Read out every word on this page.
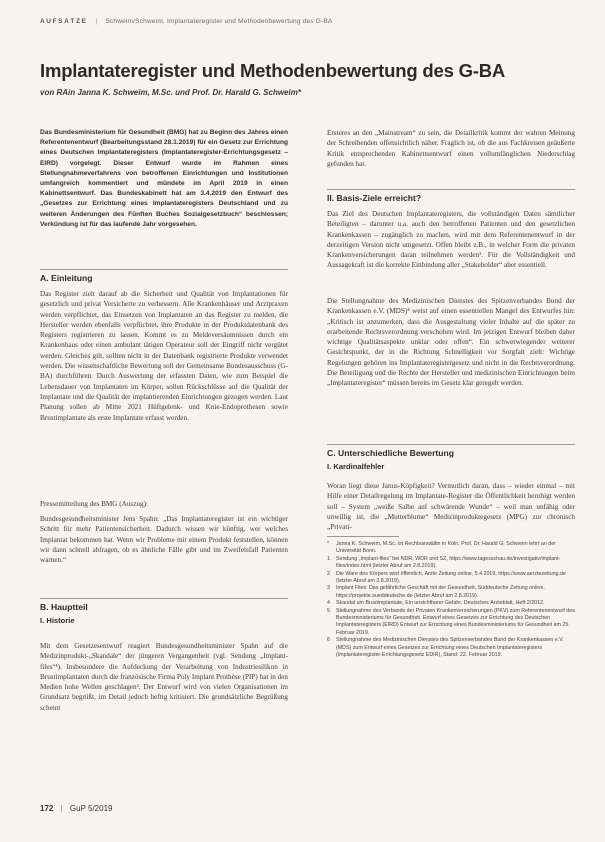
AUFSÄTZE | Schweim/Schweim, Implantateregister und Methodenbewertung des G-BA
Implantateregister und Methodenbewertung des G-BA
von RAin Janna K. Schweim, M.Sc. und Prof. Dr. Harald G. Schweim*
Das Bundesministerium für Gesundheit (BMG) hat zu Beginn des Jahres einen Referentenentwurf (Bearbeitungsstand 28.1.2019) für ein Gesetz zur Errichtung eines Deutschen Implantateregisters (Implantateregister-Errichtungsgesetz – EIRD) vorgelegt. Dieser Entwurf wurde im Rahmen eines Stellungnahmeverfahrens von betroffenen Einrichtungen und Institutionen umfangreich kommentiert und mündete im April 2019 in einen Kabinettsentwurf. Das Bundeskabinett hat am 3.4.2019 den Entwurf des „Gesetzes zur Errichtung eines Implantateregisters Deutschland und zu weiteren Änderungen des Fünften Buches Sozialgesetzbuch“ beschlossen; Verkündung ist für das laufende Jahr vorgesehen.
A. Einleitung
Das Register zielt darauf ab die Sicherheit und Qualität von Implantationen für gesetzlich und privat Versicherte zu verbessern. Alle Krankenhäuser und Arztpraxen werden verpflichtet, das Einsetzen von Implantaten an das Register zu melden, die Hersteller werden ebenfalls verpflichtet, ihre Produkte in der Produktdatenbank des Registers registrieren zu lassen. Kommt es zu Meldeversäumnissen durch ein Krankenhaus oder einen ambulant tätigen Operateur soll der Eingriff nicht vergütet werden. Gleiches gilt, sollten nicht in der Datenbank registrierte Produkte verwendet werden. Die wissenschaftliche Bewertung soll der Gemeinsame Bundesausschuss (G-BA) durchführen. Durch Auswertung der erfassten Daten, wie zum Beispiel die Lebensdauer von Implantaten im Körper, sollen Rückschlüsse auf die Qualität der Implantate und die Qualität der implantierenden Einrichtungen gezogen werden. Laut Planung sollen ab Mitte 2021 Hüftgelenk- und Knie-Endoprothesen sowie Brustimplantate als erste Implantate erfasst werden.
Pressemitteilung des BMG (Auszug):
Bundesgesundheitsminister Jens Spahn: „Das Implantateregister ist ein wichtiger Schritt für mehr Patientensicherheit. Dadurch wissen wir künftig, wer welches Implantat bekommen hat. Wenn wir Probleme mit einem Produkt feststellen, können wir dann schnell abfragen, ob es ähnliche Fälle gibt und im Zweifelsfall Patienten warnen.“
B. Hauptteil
I. Historie
Mit dem Gesetzesentwurf reagiert Bundesgesundheitsminister Spahn auf die Medizinprodukt-„Skandale“ der jüngeren Vergangenheit (vgl. Sendung „Implant-files“¹). Insbesondere die Aufdeckung der Verarbeitung von Industriesilikon in Brustimplantaten durch die französische Firma Poly Implant Prothèse (PIP) hat in den Medien hohe Wellen geschlagen². Der Entwurf wird von vielen Organisationen im Grundsatz begrüßt, im Detail jedoch heftig kritisiert. Die grundsätzliche Begrüßung scheint
Ersteres an den „Mainstream“ zu sein, die Detailkritik kommt der wahren Meinung der Schreibenden offensichtlich näher. Fraglich ist, ob die aus Fachkreisen geäußerte Kritik entsprechenden Kabinettsentwurf einen vollumfänglichen Niederschlag gefunden hat.
II. Basis-Ziele erreicht?
Das Ziel des Deutschen Implantateregisters, die vollständigen Daten sämtlicher Beteiligten – darunter u.a. auch den betroffenen Patienten und den gesetzlichen Krankenkassen – zugänglich zu machen, wird mit dem Referentenentwurf in der derzeitigen Version nicht umgesetzt. Offen bleibt z.B., in welcher Form die privaten Krankenversicherungen daran teilnehmen werden³. Für die Vollständigkeit und Aussagekraft ist die korrekte Einbindung aller „Stakeholder“ aber essentiell.
Die Stellungnahme des Medizinischen Dienstes des Spitzenverbandes Bund der Krankenkassen e.V. (MDS)⁴ weist auf einen essentiellen Mangel des Entwurfes hin: „Kritisch ist anzumerken, dass die Ausgestaltung vieler Inhalte auf die später zu erarbeitende Rechtsverordnung verschoben wird. Im jetzigen Entwurf bleiben daher wichtige Qualitätsaspekte unklar oder offen“. Ein schwerwiegender weiterer Gesichtspunkt, der in die Richtung Schnelligkeit vor Sorgfalt zielt: Wichtige Regelungen gehören ins Implantateregistergesetz und nicht in die Rechtsverordnung. Die Beteiligung und die Rechte der Hersteller und medizinischen Einrichtungen beim „Implantateregister“ müssen bereits im Gesetz klar geregelt werden.
C. Unterschiedliche Bewertung
I. Kardinalfehler
Woran liegt diese Janus-Köpfigkeit? Vermutlich daran, dass – wieder einmal – mit Hilfe einer Detailregelung im Implantate-Register die Öffentlichkeit beruhigt werden soll – System „weiße Salbe auf schwärende Wunde“ – weil man unfähig oder unwillig ist, die „Mutterblume“ Medizinproduktegesetz (MPG) zur chronisch „Privati-
*	Janna K. Schweim, M.Sc. ist Rechtsanwältin in Köln, Prof. Dr. Harald G. Schweim lehrt an der Universität Bonn.
1	Sendung „Implant-files“ bei NDR, WDR und SZ, https://www.tagesschau.de/investigativ/implant-files/index.html (letzter Abruf am 2.8.2019).
2	Die Ware des Körpers wird öffentlich, Ärzte Zeitung online, 5.4.2019, https://www.aerztezeitung.de (letzter Abruf am 2.8.2019).
3	Implant Files: Das gefährliche Geschäft mit der Gesundheit, Süddeutsche Zeitung online, https://projekte.sueddeutsche.de (letzter Abruf am 2.8.2019).
4	Skandal um Brustimplantate, Ein unsichtbarer Gefahr, Deutsches Ärzteblatt, Heft 2/2012.
5	Stellungnahme des Verbands der Privaten Krankenversicherungen (PKV) zum Referentenentwurf des Bundesministeriums für Gesundheit. Entwurf eines Gesetzes zur Errichtung des Deutschen Implantateregisters (EIRD) Entwurf zur Errichtung eines Bundesministeriums für Gesundheit am 25. Februar 2019.
6	Stellungnahme des Medizinischen Dienstes des Spitzenverbandes Bund der Krankenkassen e.V. (MDS) zum Entwurf eines Gesetzes zur Errichtung eines Deutschen Implantateregisters (Implantateregister-Errichtungsgesetz EDIR), Stand: 22. Februar 2019.
172 | GuP 5/2019
